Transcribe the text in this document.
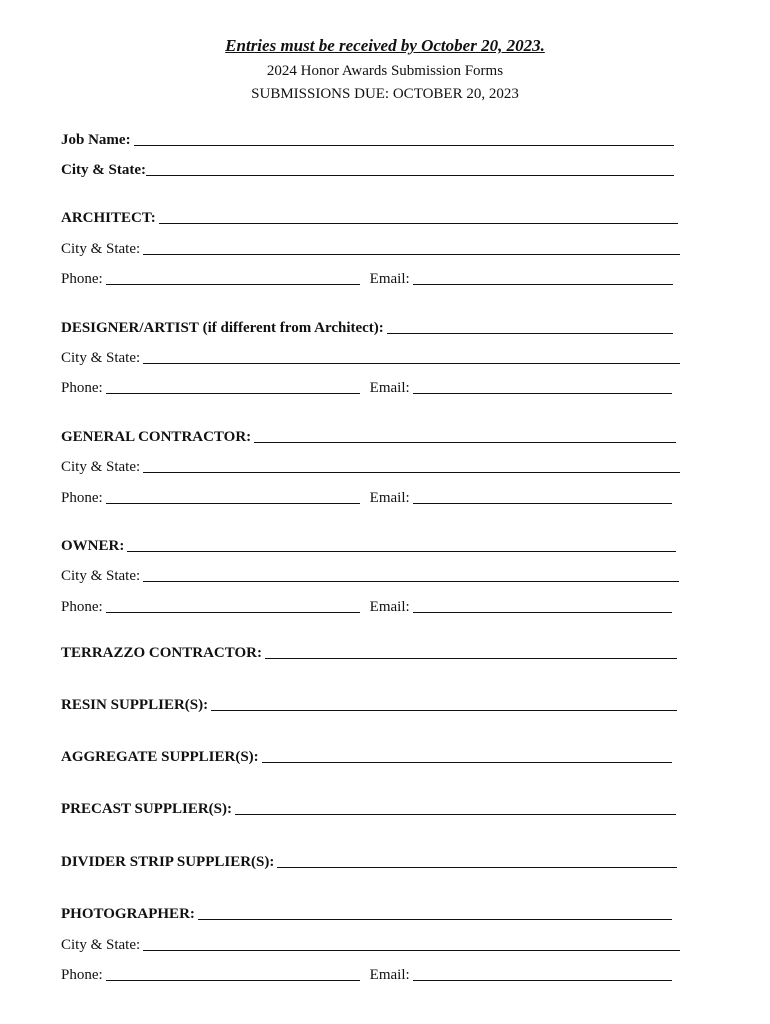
Entries must be received by October 20, 2023.
2024 Honor Awards Submission Forms
SUBMISSIONS DUE: OCTOBER 20, 2023
Job Name:
City & State:
ARCHITECT:
City & State:
Phone:	Email:
DESIGNER/ARTIST (if different from Architect):
City & State:
Phone:	Email:
GENERAL CONTRACTOR:
City & State:
Phone:	Email:
OWNER:
City & State:
Phone:	Email:
TERRAZZO CONTRACTOR:
RESIN SUPPLIER(S):
AGGREGATE SUPPLIER(S):
PRECAST SUPPLIER(S):
DIVIDER STRIP SUPPLIER(S):
PHOTOGRAPHER:
City & State:
Phone:	Email:
